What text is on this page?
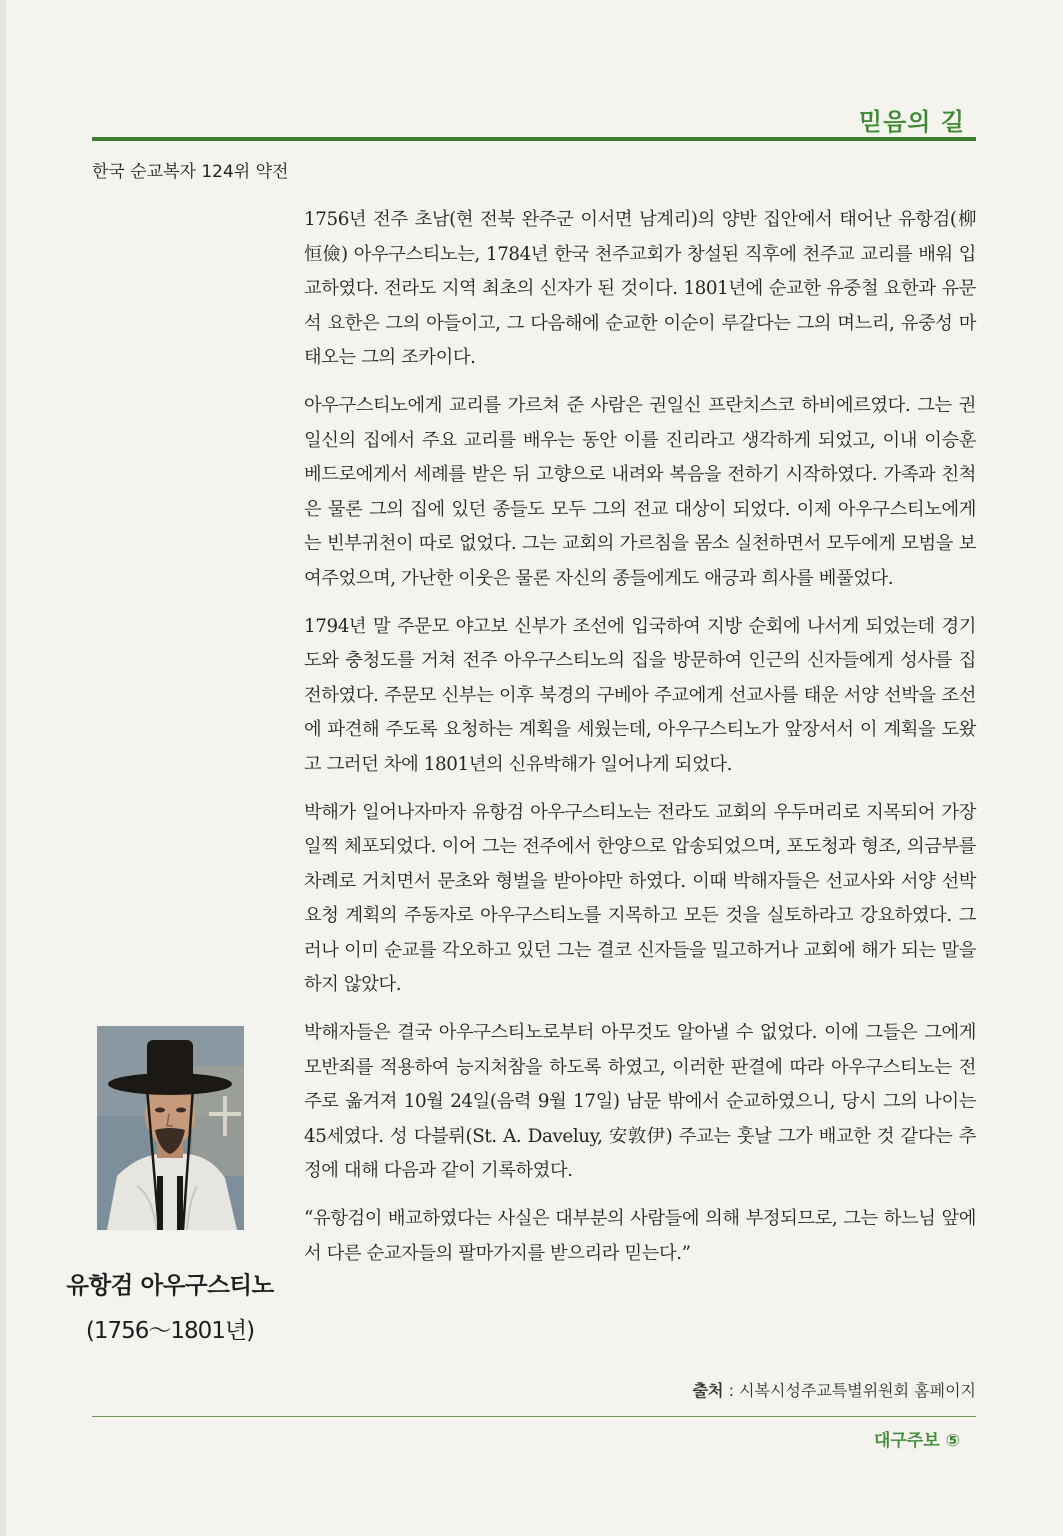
믿음의 길
한국 순교복자 124위 약전

1756년 전주 초남(현 전북 완주군 이서면 남계리)의 양반 집안에서 태어난 유항검(柳恒儉) 아우구스티노는, 1784년 한국 천주교회가 창설된 직후에 천주교 교리를 배워 입교하였다. 전라도 지역 최초의 신자가 된 것이다. 1801년에 순교한 유중철 요한과 유문석 요한은 그의 아들이고, 그 다음해에 순교한 이순이 루갈다는 그의 며느리, 유중성 마태오는 그의 조카이다.

아우구스티노에게 교리를 가르쳐 준 사람은 권일신 프란치스코 하비에르였다. 그는 권일신의 집에서 주요 교리를 배우는 동안 이를 진리라고 생각하게 되었고, 이내 이승훈 베드로에게서 세례를 받은 뒤 고향으로 내려와 복음을 전하기 시작하였다. 가족과 친척은 물론 그의 집에 있던 종들도 모두 그의 전교 대상이 되었다. 이제 아우구스티노에게는 빈부귀천이 따로 없었다. 그는 교회의 가르침을 몸소 실천하면서 모두에게 모범을 보여주었으며, 가난한 이웃은 물론 자신의 종들에게도 애긍과 희사를 베풀었다.

1794년 말 주문모 야고보 신부가 조선에 입국하여 지방 순회에 나서게 되었는데 경기도와 충청도를 거쳐 전주 아우구스티노의 집을 방문하여 인근의 신자들에게 성사를 집전하였다. 주문모 신부는 이후 북경의 구베아 주교에게 선교사를 태운 서양 선박을 조선에 파견해 주도록 요청하는 계획을 세웠는데, 아우구스티노가 앞장서서 이 계획을 도왔고 그러던 차에 1801년의 신유박해가 일어나게 되었다.

박해가 일어나자마자 유항검 아우구스티노는 전라도 교회의 우두머리로 지목되어 가장 일찍 체포되었다. 이어 그는 전주에서 한양으로 압송되었으며, 포도청과 형조, 의금부를 차례로 거치면서 문초와 형벌을 받아야만 하였다. 이때 박해자들은 선교사와 서양 선박 요청 계획의 주동자로 아우구스티노를 지목하고 모든 것을 실토하라고 강요하였다. 그러나 이미 순교를 각오하고 있던 그는 결코 신자들을 밀고하거나 교회에 해가 되는 말을 하지 않았다.

박해자들은 결국 아우구스티노로부터 아무것도 알아낼 수 없었다. 이에 그들은 그에게 모반죄를 적용하여 능지처참을 하도록 하였고, 이러한 판결에 따라 아우구스티노는 전주로 옮겨져 10월 24일(음력 9월 17일) 남문 밖에서 순교하였으니, 당시 그의 나이는 45세였다. 성 다블뤼(St. A. Daveluy, 安敦伊) 주교는 훗날 그가 배교한 것 같다는 추정에 대해 다음과 같이 기록하였다.

“유항검이 배교하였다는 사실은 대부분의 사람들에 의해 부정되므로, 그는 하느님 앞에서 다른 순교자들의 팔마가지를 받으리라 믿는다.”

유항검 아우구스티노
(1756～1801년)
출처 : 시복시성주교특별위원회 홈페이지
대구주보 ⑤
